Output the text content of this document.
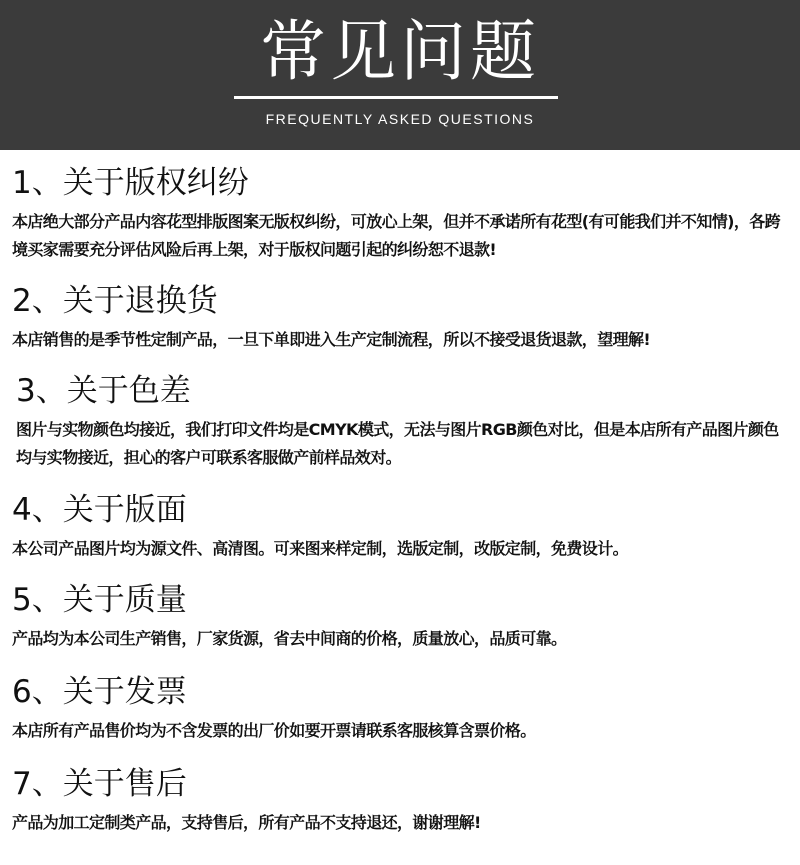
常见问题
FREQUENTLY ASKED QUESTIONS
1、关于版权纠纷

本店绝大部分产品内容花型排版图案无版权纠纷，可放心上架，但并不承诺所有花型(有可能我们并不知情)，各跨境买家需要充分评估风险后再上架，对于版权问题引起的纠纷恕不退款!

2、关于退换货

本店销售的是季节性定制产品，一旦下单即进入生产定制流程，所以不接受退货退款，望理解!

3、关于色差

图片与实物颜色均接近，我们打印文件均是CMYK模式，无法与图片RGB颜色对比，但是本店所有产品图片颜色均与实物接近，担心的客户可联系客服做产前样品效对。

4、关于版面

本公司产品图片均为源文件、高清图。可来图来样定制，选版定制，改版定制，免费设计。

5、关于质量

产品均为本公司生产销售，厂家货源，省去中间商的价格，质量放心，品质可靠。

6、关于发票

本店所有产品售价均为不含发票的出厂价如要开票请联系客服核算含票价格。

7、关于售后

产品为加工定制类产品，支持售后，所有产品不支持退还，谢谢理解!
